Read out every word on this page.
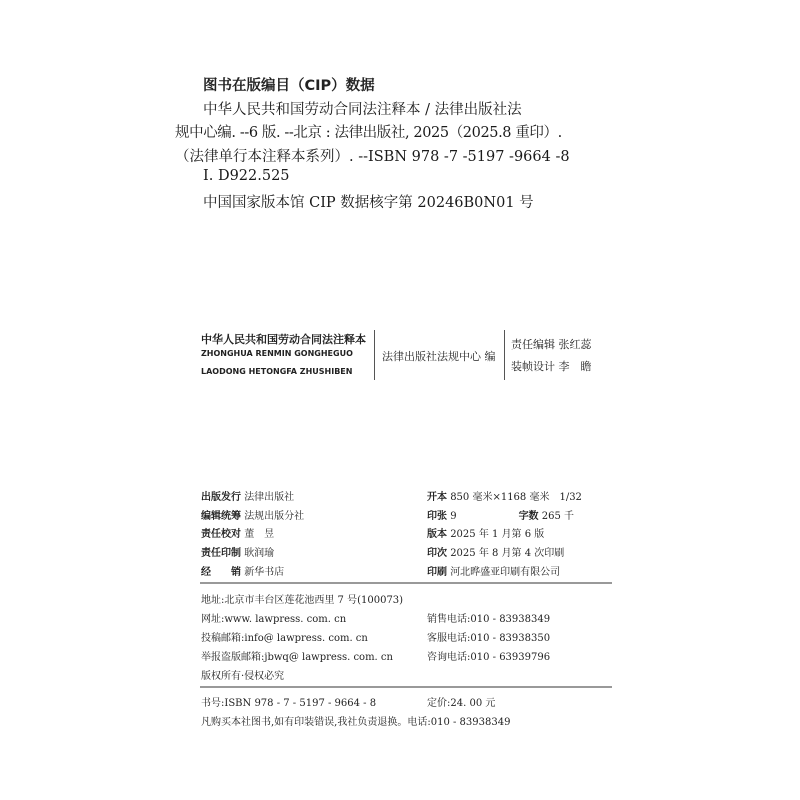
图书在版编目（CIP）数据
中华人民共和国劳动合同法注释本 / 法律出版社法
规中心编. --6 版. --北京 : 法律出版社, 2025（2025.8 重印）.
（法律单行本注释本系列）. --ISBN 978 -7 -5197 -9664 -8
Ⅰ. D922.525
中国国家版本馆 CIP 数据核字第 20246B0N01 号
中华人民共和国劳动合同法注释本
ZHONGHUA RENMIN GONGHEGUO
LAODONG HETONGFA ZHUSHIBEN
法律出版社法规中心 编
责任编辑 张红蕊
装帧设计 李　瞻
出版发行 法律出版社
编辑统筹 法规出版分社
责任校对 董　昱
责任印制 耿润瑜
经　　销 新华书店
开本 850 毫米×1168 毫米　1/32
印张 9	字数 265 千
版本 2025 年 1 月第 6 版
印次 2025 年 8 月第 4 次印刷
印刷 河北晔盛亚印刷有限公司
地址:北京市丰台区莲花池西里 7 号(100073)
网址:www. lawpress. com. cn
投稿邮箱:info@ lawpress. com. cn
举报盗版邮箱:jbwq@ lawpress. com. cn
版权所有·侵权必究
销售电话:010 - 83938349
客服电话:010 - 83938350
咨询电话:010 - 63939796
书号:ISBN 978 - 7 - 5197 - 9664 - 8	定价:24. 00 元
凡购买本社图书,如有印装错误,我社负责退换。电话:010 - 83938349
